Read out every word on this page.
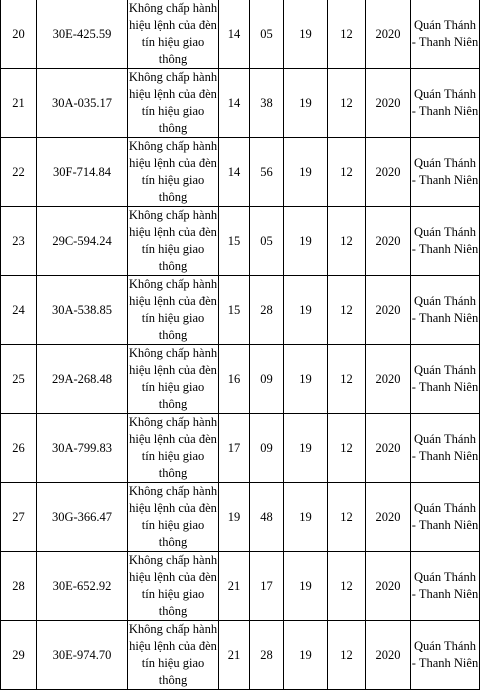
20	30E-425.59	Không chấp hành hiệu lệnh của đèn tín hiệu giao thông	14	05	19	12	2020	Quán Thánh - Thanh Niên
21	30A-035.17	Không chấp hành hiệu lệnh của đèn tín hiệu giao thông	14	38	19	12	2020	Quán Thánh - Thanh Niên
22	30F-714.84	Không chấp hành hiệu lệnh của đèn tín hiệu giao thông	14	56	19	12	2020	Quán Thánh - Thanh Niên
23	29C-594.24	Không chấp hành hiệu lệnh của đèn tín hiệu giao thông	15	05	19	12	2020	Quán Thánh - Thanh Niên
24	30A-538.85	Không chấp hành hiệu lệnh của đèn tín hiệu giao thông	15	28	19	12	2020	Quán Thánh - Thanh Niên
25	29A-268.48	Không chấp hành hiệu lệnh của đèn tín hiệu giao thông	16	09	19	12	2020	Quán Thánh - Thanh Niên
26	30A-799.83	Không chấp hành hiệu lệnh của đèn tín hiệu giao thông	17	09	19	12	2020	Quán Thánh - Thanh Niên
27	30G-366.47	Không chấp hành hiệu lệnh của đèn tín hiệu giao thông	19	48	19	12	2020	Quán Thánh - Thanh Niên
28	30E-652.92	Không chấp hành hiệu lệnh của đèn tín hiệu giao thông	21	17	19	12	2020	Quán Thánh - Thanh Niên
29	30E-974.70	Không chấp hành hiệu lệnh của đèn tín hiệu giao thông	21	28	19	12	2020	Quán Thánh - Thanh Niên
